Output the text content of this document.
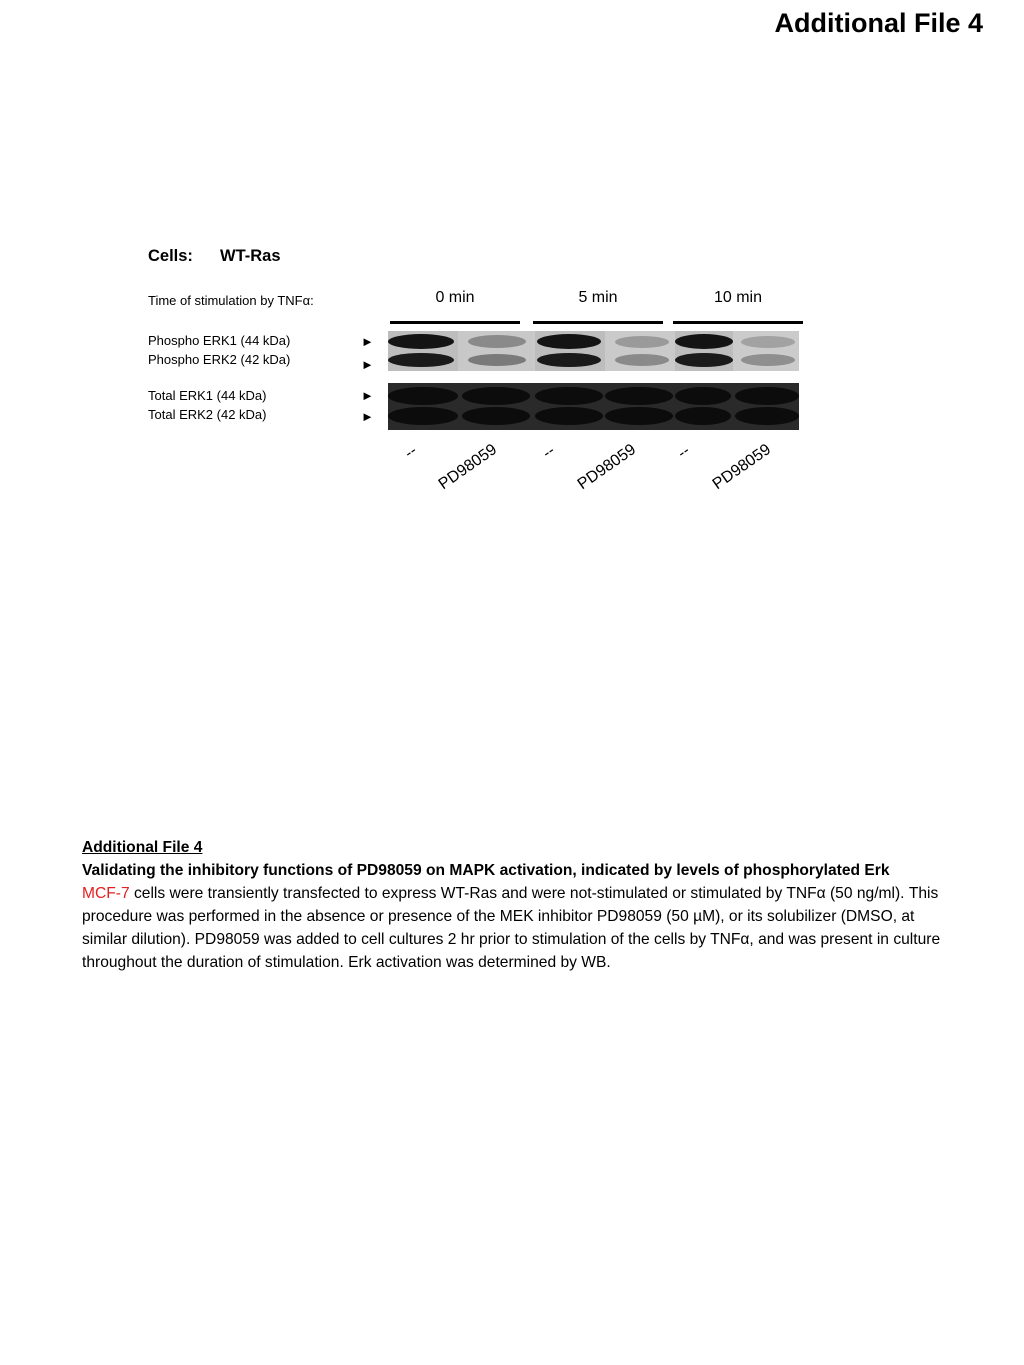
Additional File 4
Cells: WT-Ras
Time of stimulation by TNFα:	0 min	5 min	10 min
Phospho ERK1 (44 kDa)
Phospho ERK2 (42 kDa)
Total ERK1 (44 kDa)
Total ERK2 (42 kDa)
►
►
►
►
-- PD98059 -- PD98059 -- PD98059
Additional File 4
Validating the inhibitory functions of PD98059 on MAPK activation, indicated by levels of phosphorylated Erk
MCF-7 cells were transiently transfected to express WT-Ras and were not-stimulated or stimulated by TNFα (50 ng/ml). This procedure was performed in the absence or presence of the MEK inhibitor PD98059 (50 µM), or its solubilizer (DMSO, at similar dilution). PD98059 was added to cell cultures 2 hr prior to stimulation of the cells by TNFα, and was present in culture throughout the duration of stimulation. Erk activation was determined by WB.
